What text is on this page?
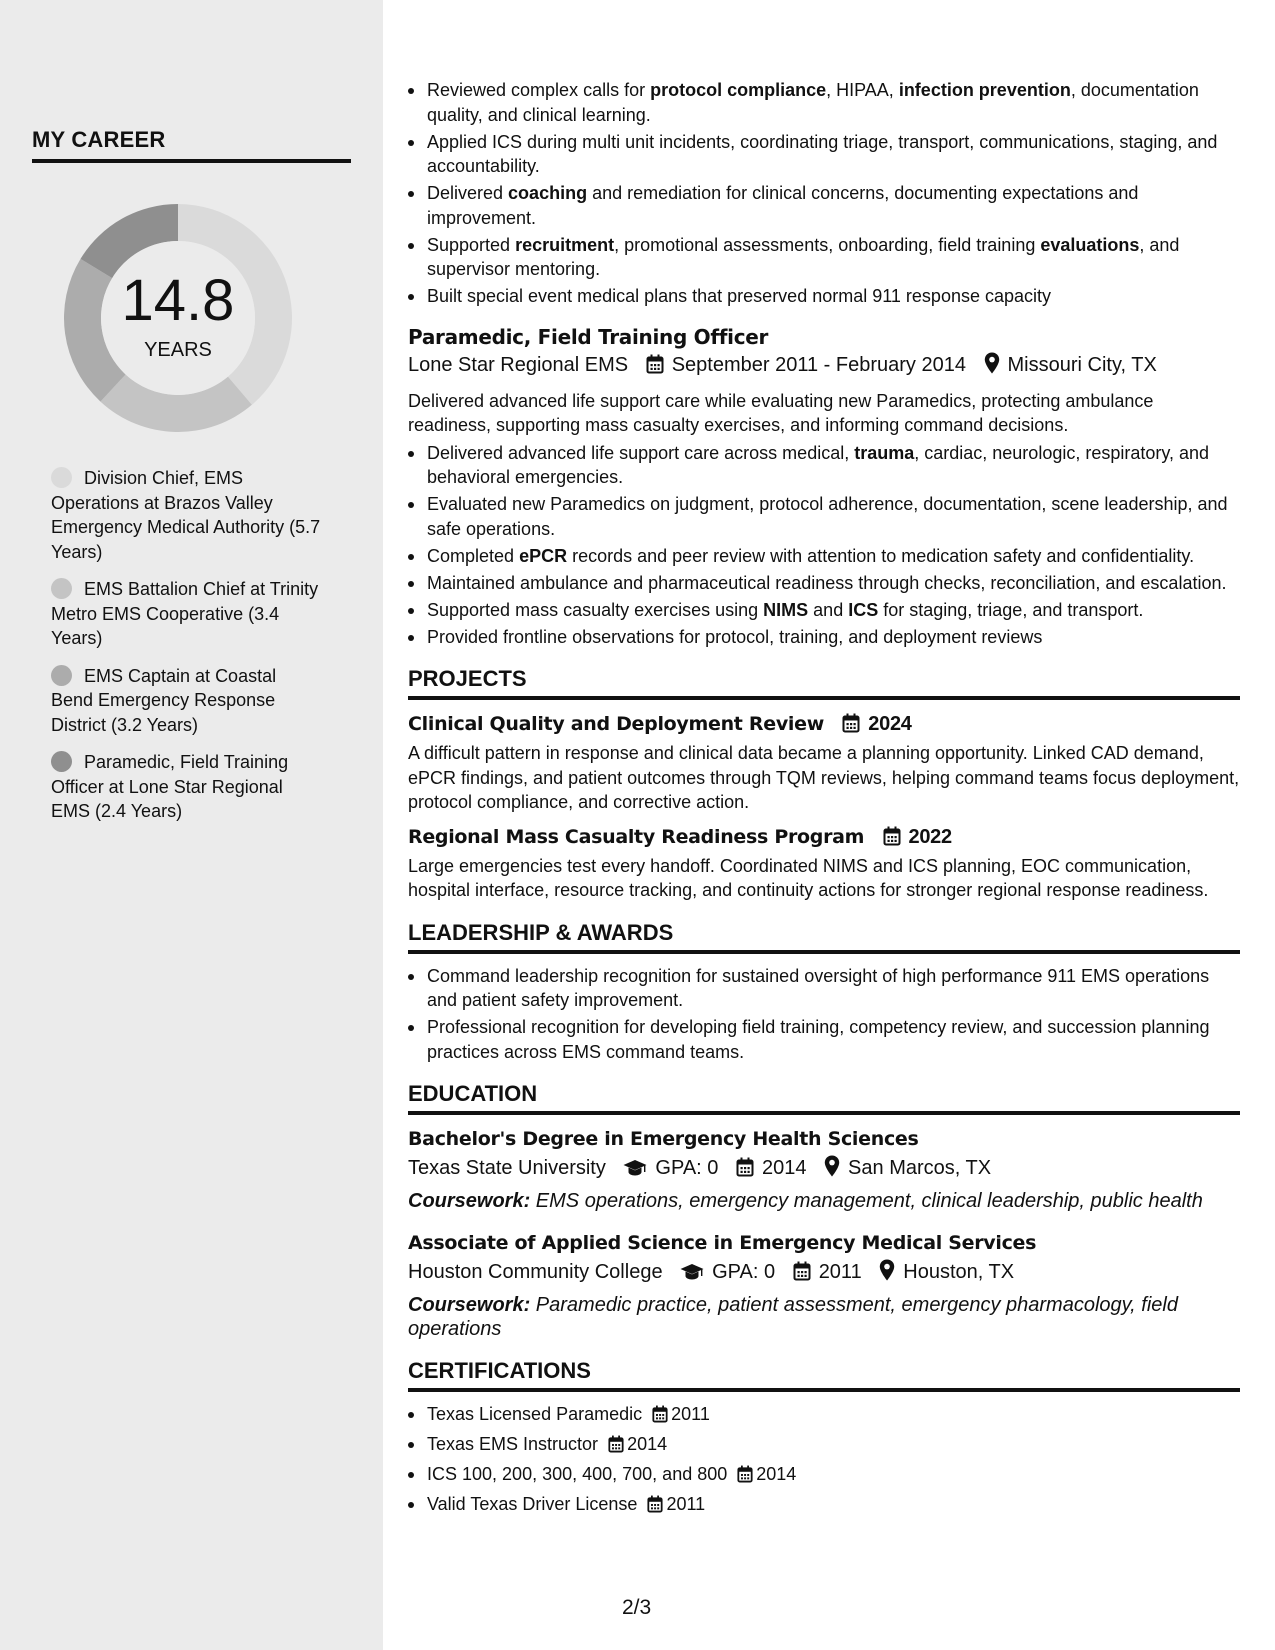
MY CAREER
14.8
YEARS
Division Chief, EMS Operations at Brazos Valley Emergency Medical Authority (5.7 Years)
EMS Battalion Chief at Trinity Metro EMS Cooperative (3.4 Years)
EMS Captain at Coastal Bend Emergency Response District (3.2 Years)
Paramedic, Field Training Officer at Lone Star Regional EMS (2.4 Years)
Reviewed complex calls for protocol compliance, HIPAA, infection prevention, documentation quality, and clinical learning.
Applied ICS during multi unit incidents, coordinating triage, transport, communications, staging, and accountability.
Delivered coaching and remediation for clinical concerns, documenting expectations and improvement.
Supported recruitment, promotional assessments, onboarding, field training evaluations, and supervisor mentoring.
Built special event medical plans that preserved normal 911 response capacity
Paramedic, Field Training Officer
Lone Star Regional EMS September 2011 - February 2014 Missouri City, TX
Delivered advanced life support care while evaluating new Paramedics, protecting ambulance readiness, supporting mass casualty exercises, and informing command decisions.
Delivered advanced life support care across medical, trauma, cardiac, neurologic, respiratory, and behavioral emergencies.
Evaluated new Paramedics on judgment, protocol adherence, documentation, scene leadership, and safe operations.
Completed ePCR records and peer review with attention to medication safety and confidentiality.
Maintained ambulance and pharmaceutical readiness through checks, reconciliation, and escalation.
Supported mass casualty exercises using NIMS and ICS for staging, triage, and transport.
Provided frontline observations for protocol, training, and deployment reviews
PROJECTS
Clinical Quality and Deployment Review 2024
A difficult pattern in response and clinical data became a planning opportunity. Linked CAD demand, ePCR findings, and patient outcomes through TQM reviews, helping command teams focus deployment, protocol compliance, and corrective action.
Regional Mass Casualty Readiness Program 2022
Large emergencies test every handoff. Coordinated NIMS and ICS planning, EOC communication, hospital interface, resource tracking, and continuity actions for stronger regional response readiness.
LEADERSHIP & AWARDS
Command leadership recognition for sustained oversight of high performance 911 EMS operations and patient safety improvement.
Professional recognition for developing field training, competency review, and succession planning practices across EMS command teams.
EDUCATION
Bachelor's Degree in Emergency Health Sciences
Texas State University GPA: 0 2014 San Marcos, TX
Coursework: EMS operations, emergency management, clinical leadership, public health
Associate of Applied Science in Emergency Medical Services
Houston Community College GPA: 0 2011 Houston, TX
Coursework: Paramedic practice, patient assessment, emergency pharmacology, field operations
CERTIFICATIONS
Texas Licensed Paramedic 2011
Texas EMS Instructor 2014
ICS 100, 200, 300, 400, 700, and 800 2014
Valid Texas Driver License 2011
2/3
